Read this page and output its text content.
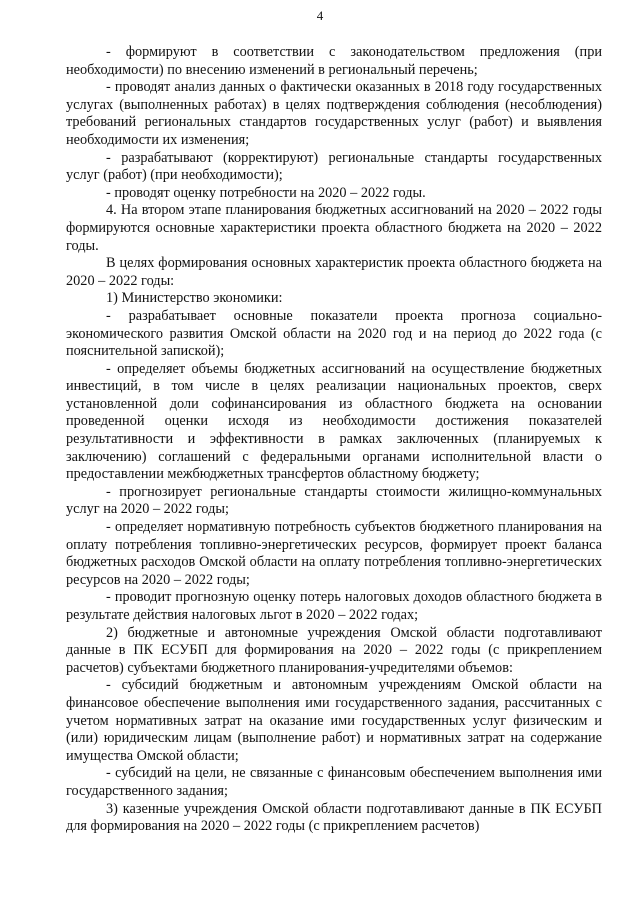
4

- формируют в соответствии с законодательством предложения (при необходимости) по внесению изменений в региональный перечень;

- проводят анализ данных о фактически оказанных в 2018 году государственных услугах (выполненных работах) в целях подтверждения соблюдения (несоблюдения) требований региональных стандартов государственных услуг (работ) и выявления необходимости их изменения;

- разрабатывают (корректируют) региональные стандарты государственных услуг (работ) (при необходимости);

- проводят оценку потребности на 2020 – 2022 годы.

4. На втором этапе планирования бюджетных ассигнований на 2020 – 2022 годы формируются основные характеристики проекта областного бюджета на 2020 – 2022 годы.

В целях формирования основных характеристик проекта областного бюджета на 2020 – 2022 годы:

1) Министерство экономики:

- разрабатывает основные показатели проекта прогноза социально-экономического развития Омской области на 2020 год и на период до 2022 года (с пояснительной запиской);

- определяет объемы бюджетных ассигнований на осуществление бюджетных инвестиций, в том числе в целях реализации национальных проектов, сверх установленной доли софинансирования из областного бюджета на основании проведенной оценки исходя из необходимости достижения показателей результативности и эффективности в рамках заключенных (планируемых к заключению) соглашений с федеральными органами исполнительной власти о предоставлении межбюджетных трансфертов областному бюджету;

- прогнозирует региональные стандарты стоимости жилищно-коммунальных услуг на 2020 – 2022 годы;

- определяет нормативную потребность субъектов бюджетного планирования на оплату потребления топливно-энергетических ресурсов, формирует проект баланса бюджетных расходов Омской области на оплату потребления топливно-энергетических ресурсов на 2020 – 2022 годы;

- проводит прогнозную оценку потерь налоговых доходов областного бюджета в результате действия налоговых льгот в 2020 – 2022 годах;

2) бюджетные и автономные учреждения Омской области подготавливают данные в ПК ЕСУБП для формирования на 2020 – 2022 годы (с прикреплением расчетов) субъектами бюджетного планирования-учредителями объемов:

- субсидий бюджетным и автономным учреждениям Омской области на финансовое обеспечение выполнения ими государственного задания, рассчитанных с учетом нормативных затрат на оказание ими государственных услуг физическим и (или) юридическим лицам (выполнение работ) и нормативных затрат на содержание имущества Омской области;

- субсидий на цели, не связанные с финансовым обеспечением выполнения ими государственного задания;

3) казенные учреждения Омской области подготавливают данные в ПК ЕСУБП для формирования на 2020 – 2022 годы (с прикреплением расчетов)
